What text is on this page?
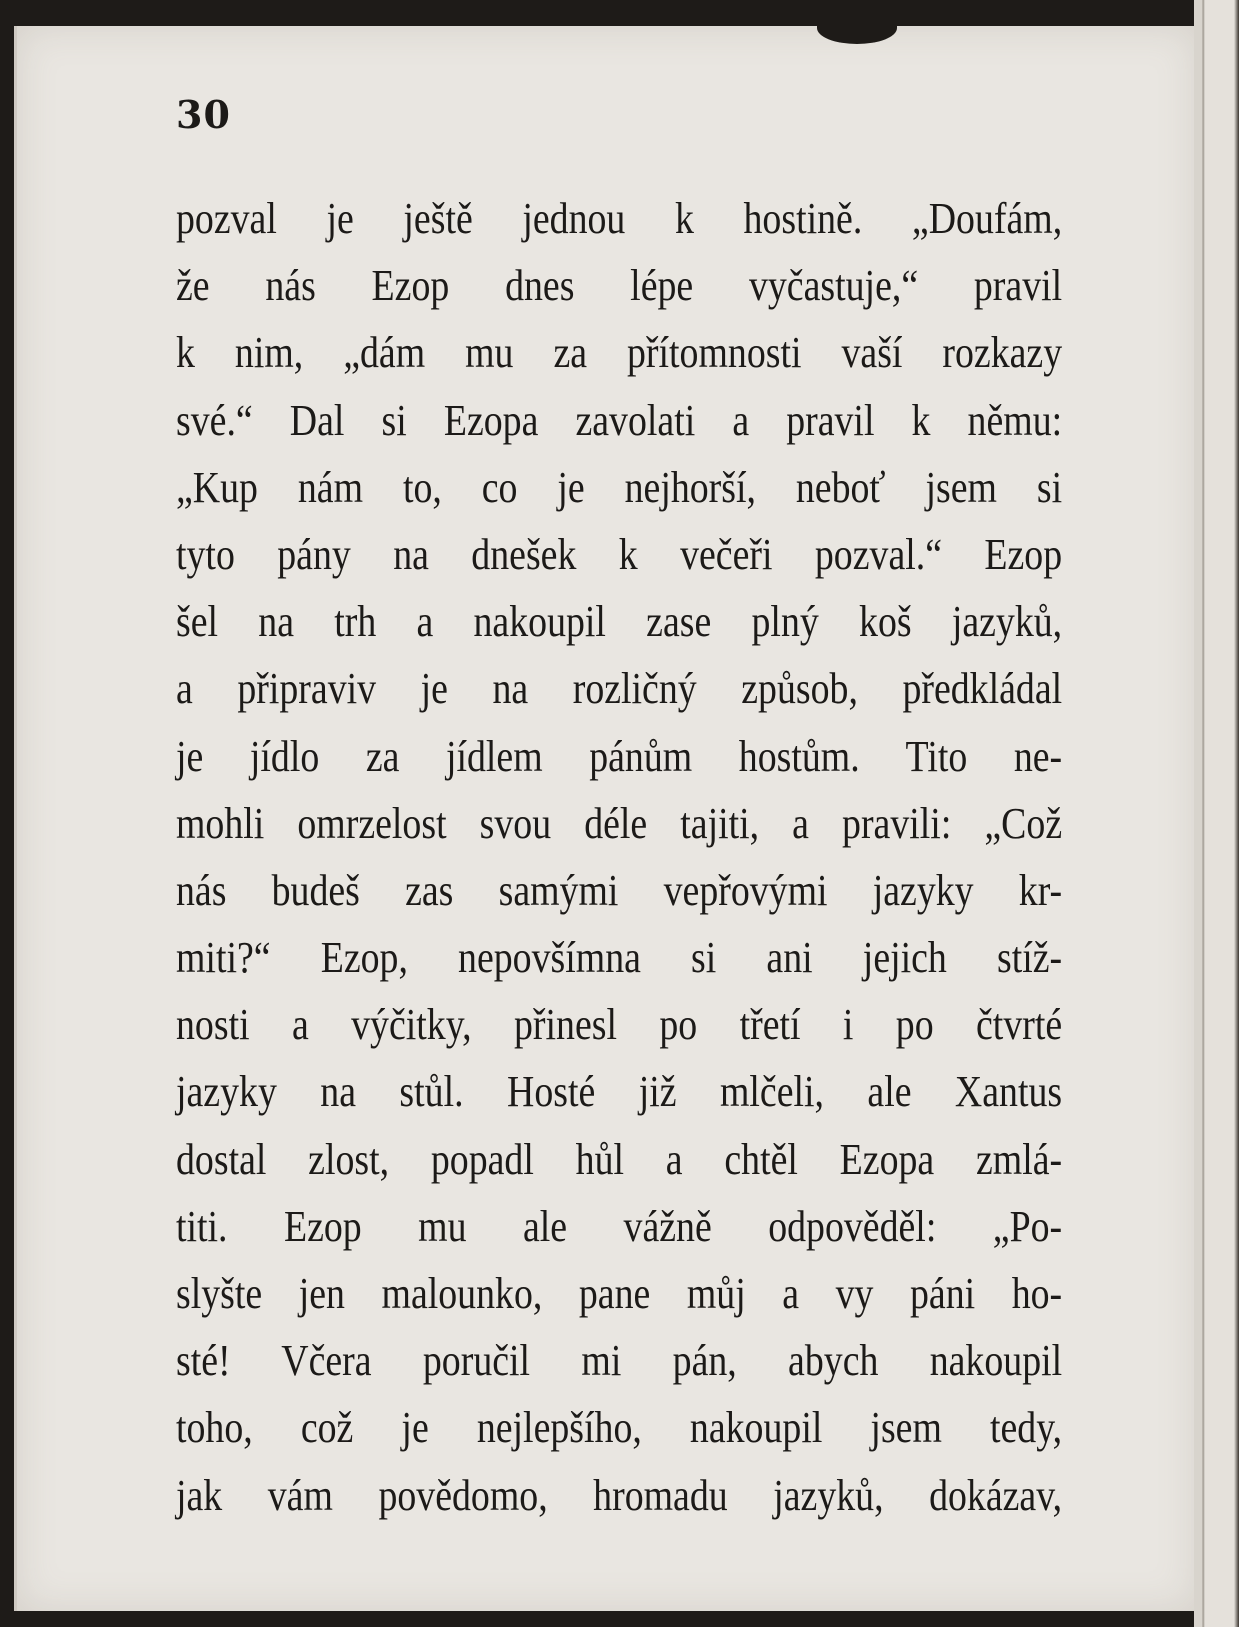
30
pozval je ještě jednou k hostině. „Doufám,
že nás Ezop dnes lépe vyčastuje,“ pravil
k nim, „dám mu za přítomnosti vaší rozkazy
své.“ Dal si Ezopa zavolati a pravil k němu:
„Kup nám to, co je nejhorší, neboť jsem si
tyto pány na dnešek k večeři pozval.“ Ezop
šel na trh a nakoupil zase plný koš jazyků,
a připraviv je na rozličný způsob, předkládal
je jídlo za jídlem pánům hostům. Tito ne-
mohli omrzelost svou déle tajiti, a pravili: „Což
nás budeš zas samými vepřovými jazyky kr-
miti?“ Ezop, nepovšímna si ani jejich stíž-
nosti a výčitky, přinesl po třetí i po čtvrté
jazyky na stůl. Hosté již mlčeli, ale Xantus
dostal zlost, popadl hůl a chtěl Ezopa zmlá-
titi. Ezop mu ale vážně odpověděl: „Po-
slyšte jen malounko, pane můj a vy páni ho-
sté! Včera poručil mi pán, abych nakoupil
toho, což je nejlepšího, nakoupil jsem tedy,
jak vám povědomo, hromadu jazyků, dokázav,
